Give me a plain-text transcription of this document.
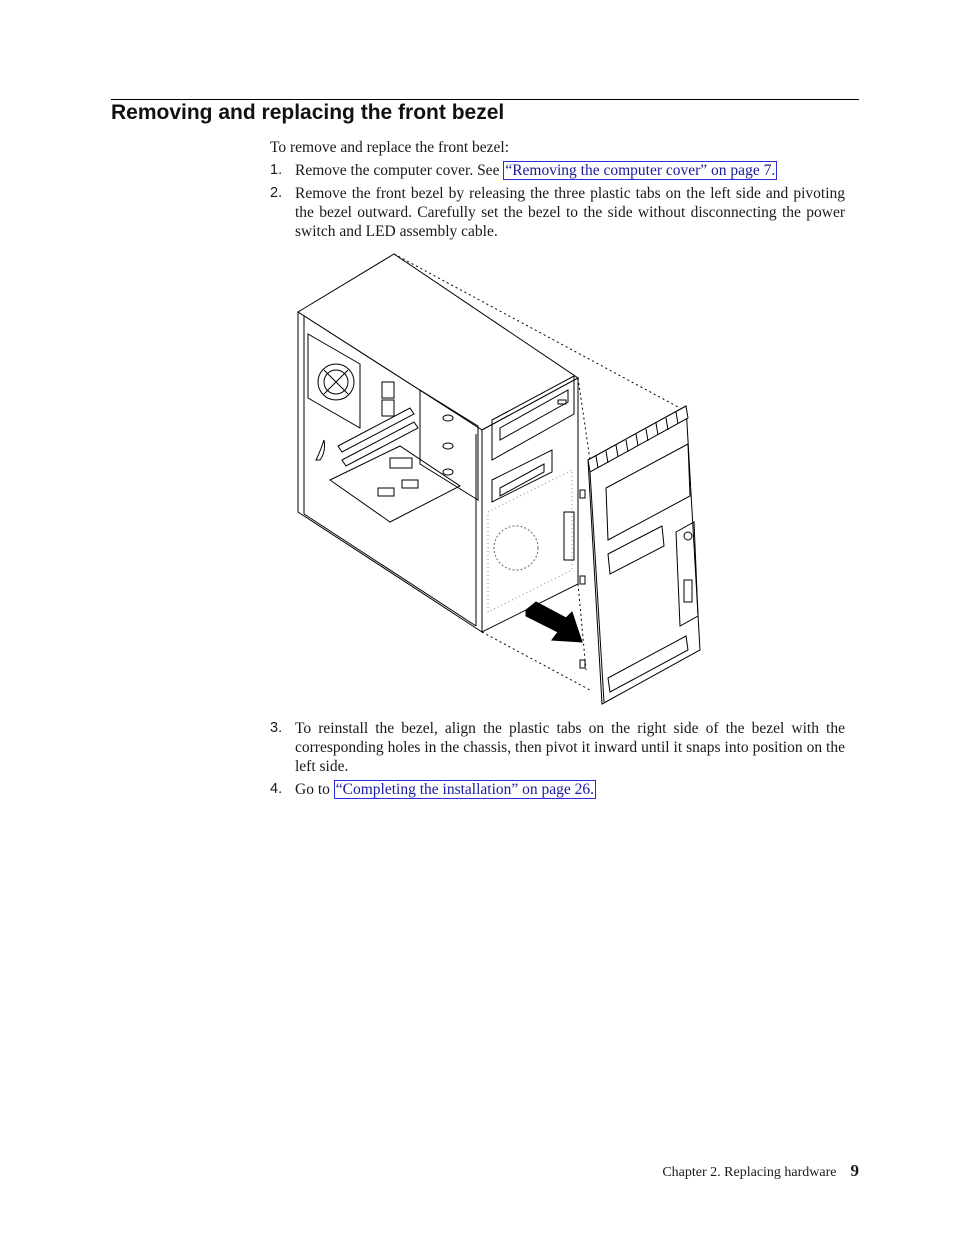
Removing and replacing the front bezel
To remove and replace the front bezel:
1. Remove the computer cover. See “Removing the computer cover” on page 7.
2. Remove the front bezel by releasing the three plastic tabs on the left side and pivoting the bezel outward. Carefully set the bezel to the side without disconnecting the power switch and LED assembly cable.
3. To reinstall the bezel, align the plastic tabs on the right side of the bezel with the corresponding holes in the chassis, then pivot it inward until it snaps into position on the left side.
4. Go to “Completing the installation” on page 26.
Chapter 2. Replacing hardware 9
